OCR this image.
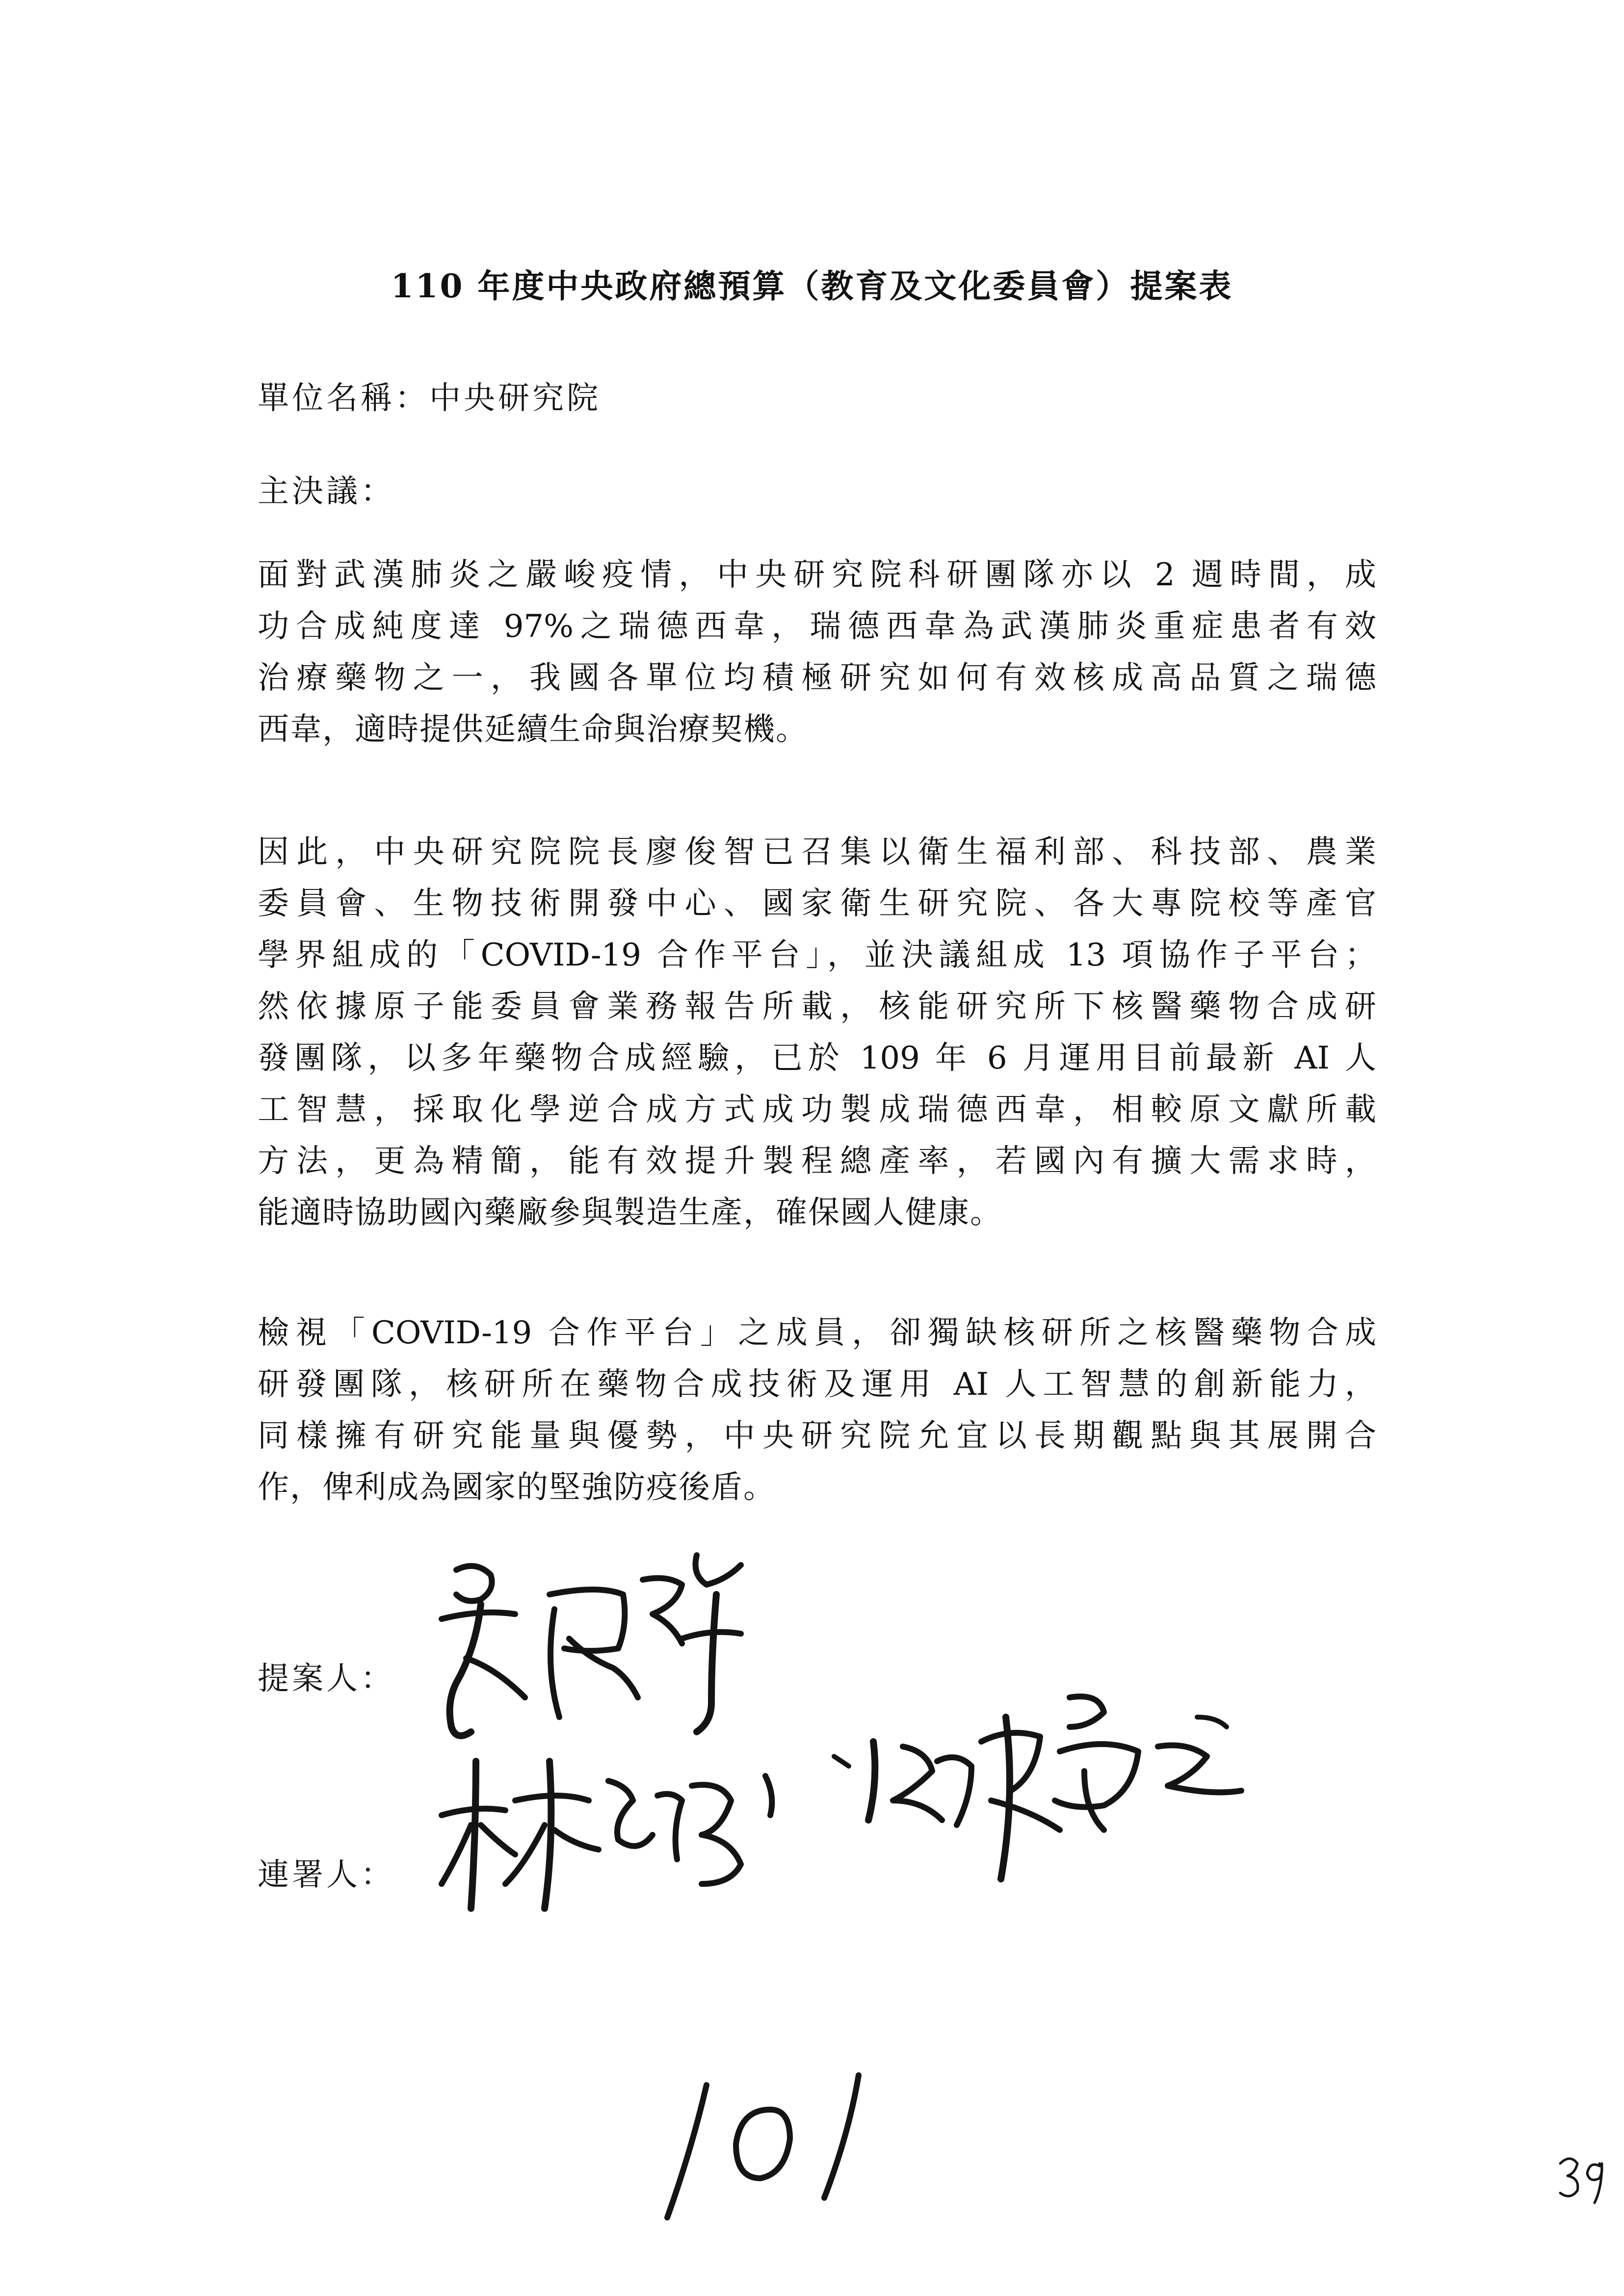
110 年度中央政府總預算（教育及文化委員會）提案表
單位名稱：中央研究院
主決議：
面對武漢肺炎之嚴峻疫情，中央研究院科研團隊亦以 2 週時間，成
功合成純度達 97%之瑞德西韋，瑞德西韋為武漢肺炎重症患者有效
治療藥物之一，我國各單位均積極研究如何有效核成高品質之瑞德
西韋，適時提供延續生命與治療契機。
因此，中央研究院院長廖俊智已召集以衛生福利部、科技部、農業
委員會、生物技術開發中心、國家衛生研究院、各大專院校等產官
學界組成的「COVID-19 合作平台」，並決議組成 13 項協作子平台；
然依據原子能委員會業務報告所載，核能研究所下核醫藥物合成研
發團隊，以多年藥物合成經驗，已於 109 年 6 月運用目前最新 AI 人
工智慧，採取化學逆合成方式成功製成瑞德西韋，相較原文獻所載
方法，更為精簡，能有效提升製程總產率，若國內有擴大需求時，
能適時協助國內藥廠參與製造生產，確保國人健康。
檢視「COVID-19 合作平台」之成員，卻獨缺核研所之核醫藥物合成
研發團隊，核研所在藥物合成技術及運用 AI 人工智慧的創新能力，
同樣擁有研究能量與優勢，中央研究院允宜以長期觀點與其展開合
作，俾利成為國家的堅強防疫後盾。
提案人：
連署人：
